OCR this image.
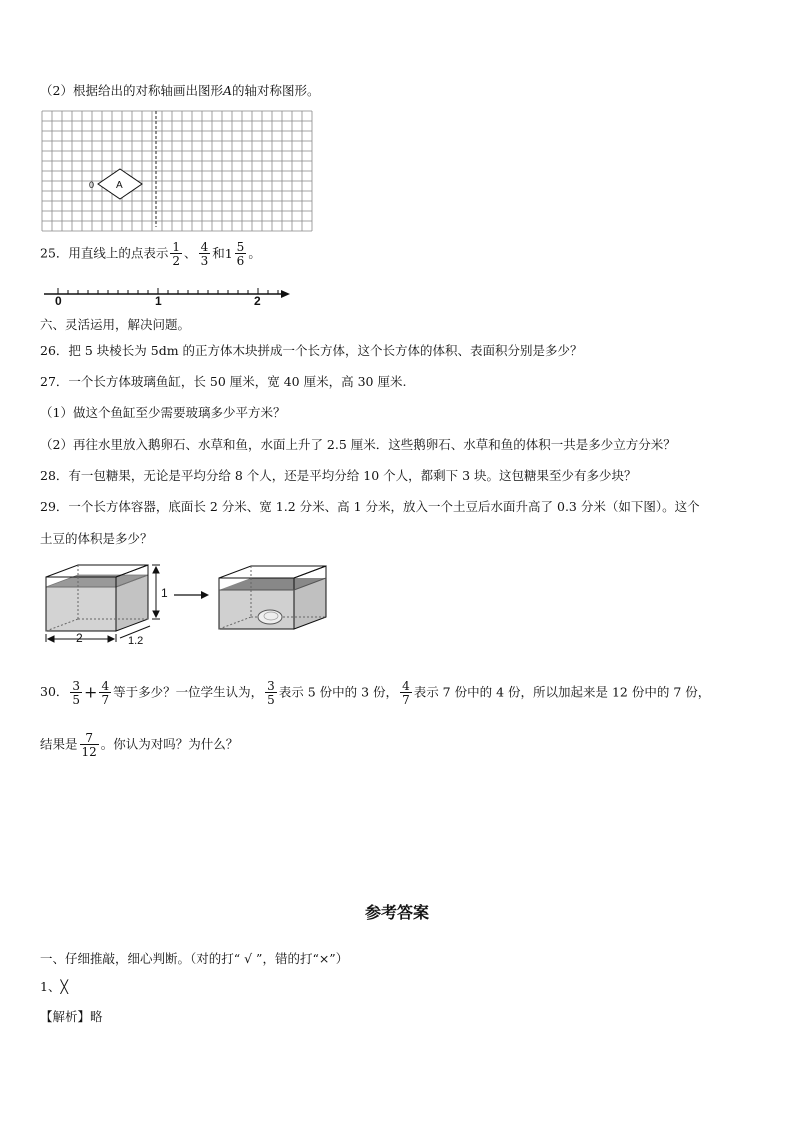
（2）根据给出的对称轴画出图形A的轴对称图形。
A
0
25．用直线上的点表示 $\frac{1}{2}$ 、 $\frac{4}{3}$ 和$1 \frac{5}{6}$ 。
0	1	2
六、灵活运用，解决问题。
26．把 5 块棱长为 5dm 的正方体木块拼成一个长方体，这个长方体的体积、表面积分别是多少？
27．一个长方体玻璃鱼缸，长 50 厘米，宽 40 厘米，高 30 厘米.
（1）做这个鱼缸至少需要玻璃多少平方米？
（2）再往水里放入鹅卵石、水草和鱼，水面上升了 2.5 厘米．这些鹅卵石、水草和鱼的体积一共是多少立方分米？
28．有一包糖果，无论是平均分给 8 个人，还是平均分给 10 个人，都剩下 3 块。这包糖果至少有多少块？
29．一个长方体容器，底面长 2 分米、宽 1.2 分米、高 1 分米，放入一个土豆后水面升高了 0.3 分米（如下图）。这个
土豆的体积是多少？
2
1
1.2
30． $\frac{3}{5} + \frac{4}{7}$ 等于多少？一位学生认为， $\frac{3}{5}$ 表示 5 份中的 3 份， $\frac{4}{7}$ 表示 7 份中的 4 份，所以加起来是 12 份中的 7 份，
结果是 $\frac{7}{12}$ 。你认为对吗？为什么？
参考答案
一、仔细推敲，细心判断。（对的打“ √ ”，错的打“×”）
1、╳
【解析】略
